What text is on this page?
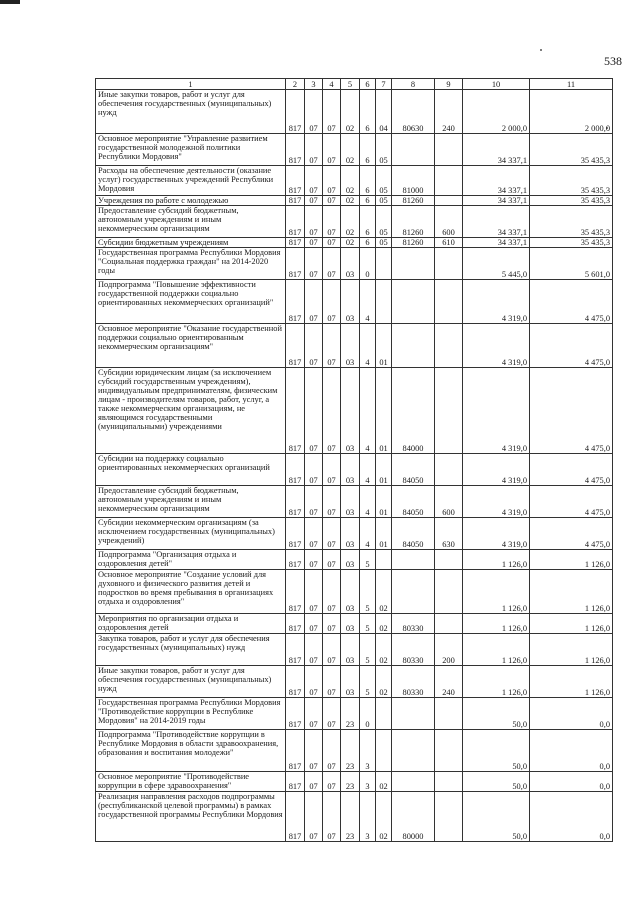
538
1	2	3	4	5	6	7	8	9	10	11
Иные закупки товаров, работ и услуг для обеспечения государственных (муниципальных) нужд	817	07	07	02	6	04	80630	240	2 000,0	2 000,0
Основное мероприятие "Управление развитием государственной молодежной политики Республики Мордовия"	817	07	07	02	6	05			34 337,1	35 435,3
Расходы на обеспечение деятельности (оказание услуг) государственных учреждений Республики Мордовия	817	07	07	02	6	05	81000		34 337,1	35 435,3
Учреждения по работе с молодежью	817	07	07	02	6	05	81260		34 337,1	35 435,3
Предоставление субсидий бюджетным, автономным учреждениям и иным некоммерческим организациям	817	07	07	02	6	05	81260	600	34 337,1	35 435,3
Субсидии бюджетным учреждениям	817	07	07	02	6	05	81260	610	34 337,1	35 435,3
Государственная программа Республики Мордовия "Социальная поддержка граждан" на 2014-2020 годы	817	07	07	03	0				5 445,0	5 601,0
Подпрограмма "Повышение эффективности государственной поддержки социально ориентированных некоммерческих организаций"	817	07	07	03	4				4 319,0	4 475,0
Основное мероприятие "Оказание государственной поддержки социально ориентированным некоммерческим организациям"	817	07	07	03	4	01			4 319,0	4 475,0
Субсидии юридическим лицам (за исключением субсидий государственным учреждениям), индивидуальным предпринимателям, физическим лицам - производителям товаров, работ, услуг, а также некоммерческим организациям, не являющимся государственными (муниципальными) учреждениями	817	07	07	03	4	01	84000		4 319,0	4 475,0
Субсидии на поддержку социально ориентированных некоммерческих организаций	817	07	07	03	4	01	84050		4 319,0	4 475,0
Предоставление субсидий бюджетным, автономным учреждениям и иным некоммерческим организациям	817	07	07	03	4	01	84050	600	4 319,0	4 475,0
Субсидии некоммерческим организациям (за исключением государственных (муниципальных) учреждений)	817	07	07	03	4	01	84050	630	4 319,0	4 475,0
Подпрограмма "Организация отдыха и оздоровления детей"	817	07	07	03	5				1 126,0	1 126,0
Основное мероприятие "Создание условий для духовного и физического развития детей и подростков во время пребывания в организациях отдыха и оздоровления"	817	07	07	03	5	02			1 126,0	1 126,0
Мероприятия по организации отдыха и оздоровления детей	817	07	07	03	5	02	80330		1 126,0	1 126,0
Закупка товаров, работ и услуг для обеспечения государственных (муниципальных) нужд	817	07	07	03	5	02	80330	200	1 126,0	1 126,0
Иные закупки товаров, работ и услуг для обеспечения государственных (муниципальных) нужд	817	07	07	03	5	02	80330	240	1 126,0	1 126,0
Государственная программа Республики Мордовия "Противодействие коррупции в Республике Мордовия" на 2014-2019 годы	817	07	07	23	0				50,0	0,0
Подпрограмма "Противодействие коррупции в Республике Мордовия в области здравоохранения, образования и воспитания молодежи"	817	07	07	23	3				50,0	0,0
Основное мероприятие "Противодействие коррупции в сфере здравоохранения"	817	07	07	23	3	02			50,0	0,0
Реализация направления расходов подпрограммы (республиканской целевой программы) в рамках государственной программы Республики Мордовия	817	07	07	23	3	02	80000		50,0	0,0
